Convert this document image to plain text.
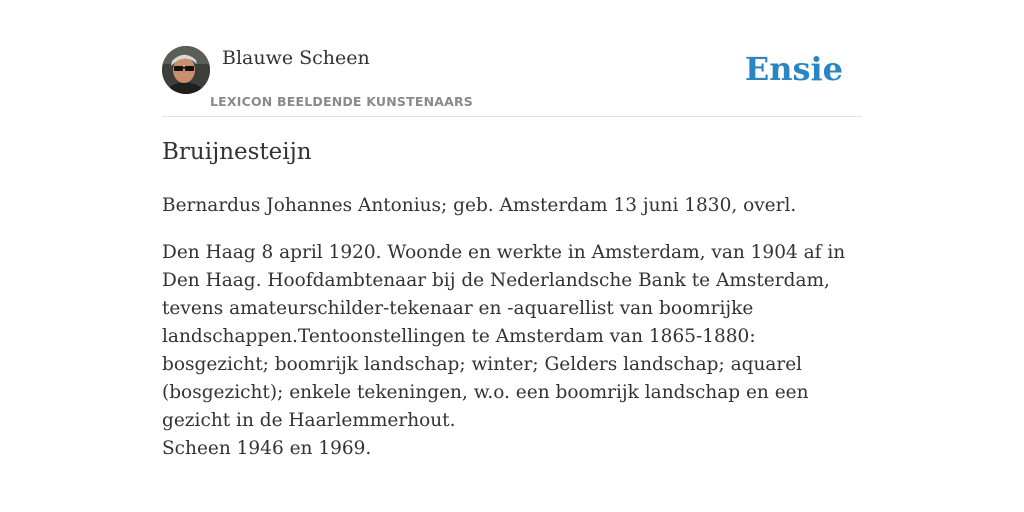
Blauwe Scheen
LEXICON BEELDENDE KUNSTENAARS
Ensie
Bruijnesteijn
Bernardus Johannes Antonius; geb. Amsterdam 13 juni 1830, overl.
Den Haag 8 april 1920. Woonde en werkte in Amsterdam, van 1904 af in Den Haag. Hoofdambtenaar bij de Nederlandsche Bank te Amsterdam, tevens amateurschilder-tekenaar en -aquarellist van boomrijke landschappen.Tentoonstellingen te Amsterdam van 1865-1880: bosgezicht; boomrijk landschap; winter; Gelders landschap; aquarel (bosgezicht); enkele tekeningen, w.o. een boomrijk landschap en een gezicht in de Haarlemmerhout.
Scheen 1946 en 1969.
